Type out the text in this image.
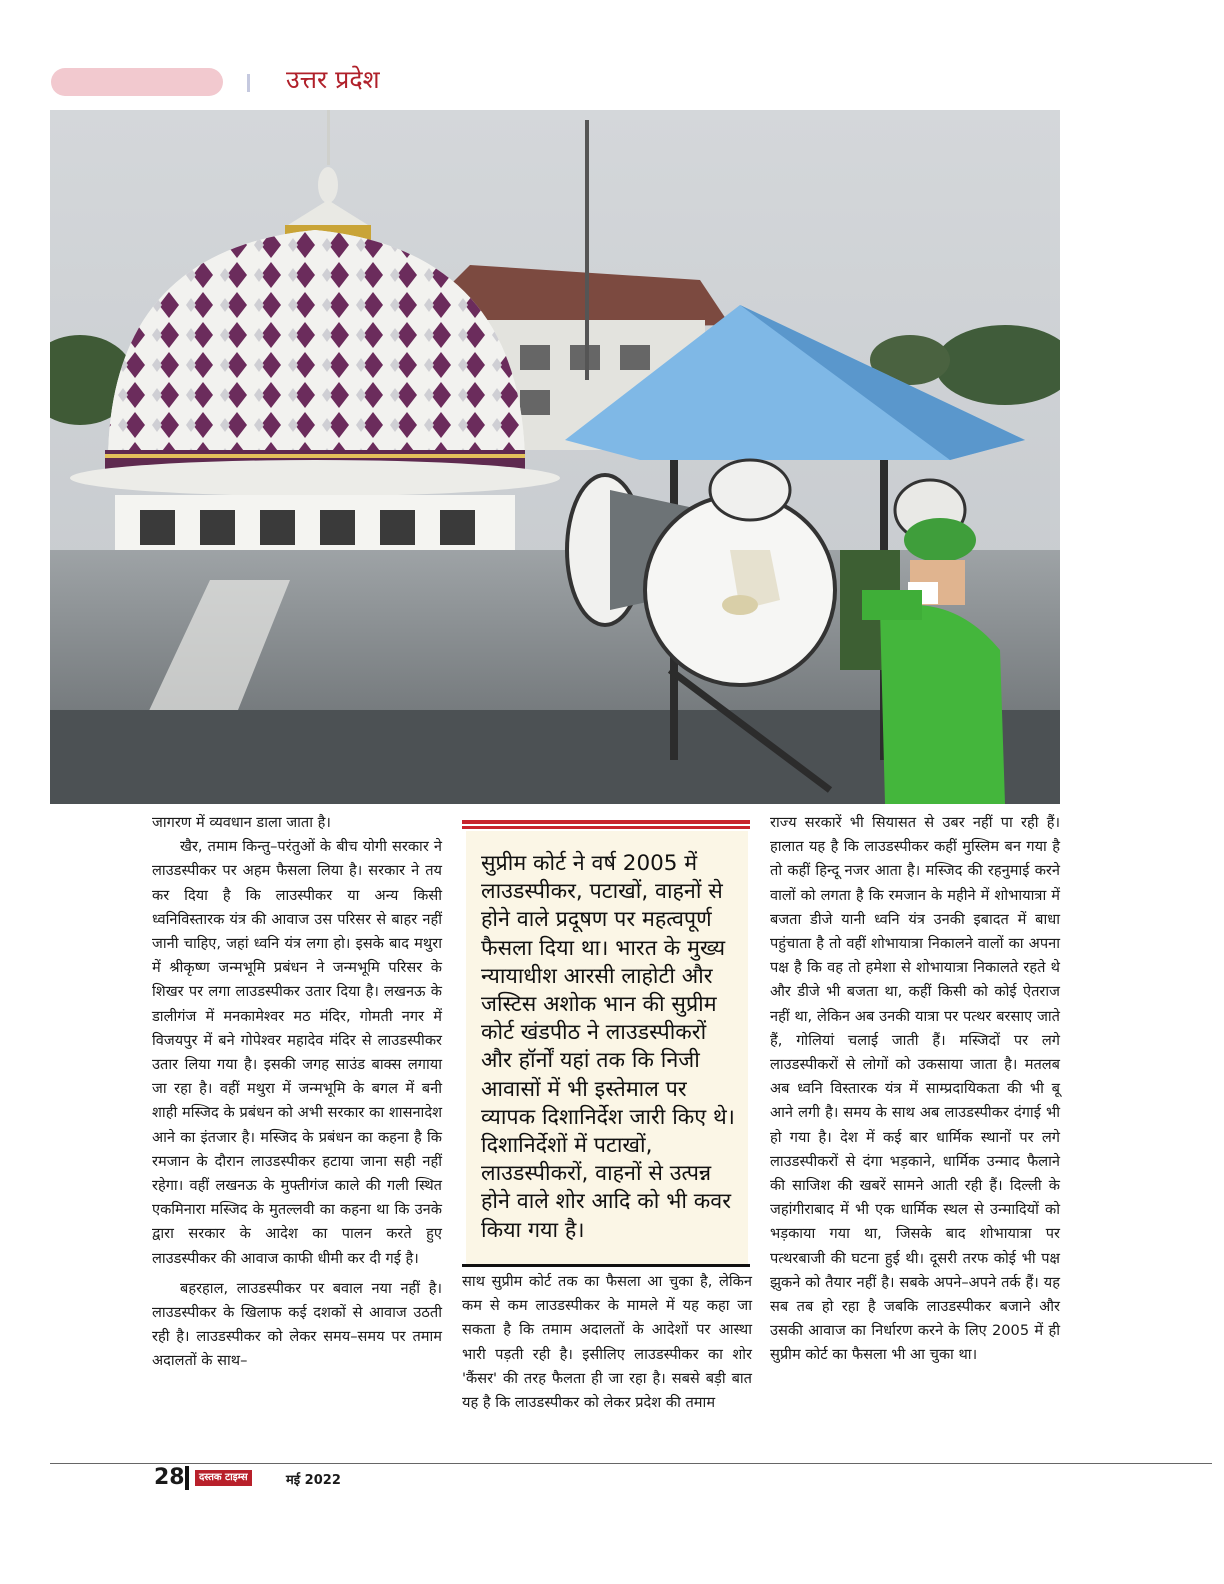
उत्तर प्रदेश

जागरण में व्यवधान डाला जाता है।

खैर, तमाम किन्तु–परंतुओं के बीच योगी सरकार ने लाउडस्पीकर पर अहम फैसला लिया है। सरकार ने तय कर दिया है कि लाउस्पीकर या अन्य किसी ध्वनिविस्तारक यंत्र की आवाज उस परिसर से बाहर नहीं जानी चाहिए, जहां ध्वनि यंत्र लगा हो। इसके बाद मथुरा में श्रीकृष्ण जन्मभूमि प्रबंधन ने जन्मभूमि परिसर के शिखर पर लगा लाउडस्पीकर उतार दिया है। लखनऊ के डालीगंज में मनकामेश्वर मठ मंदिर, गोमती नगर में विजयपुर में बने गोपेश्वर महादेव मंदिर से लाउडस्पीकर उतार लिया गया है। इसकी जगह साउंड बाक्स लगाया जा रहा है। वहीं मथुरा में जन्मभूमि के बगल में बनी शाही मस्जिद के प्रबंधन को अभी सरकार का शासनादेश आने का इंतजार है। मस्जिद के प्रबंधन का कहना है कि रमजान के दौरान लाउडस्पीकर हटाया जाना सही नहीं रहेगा। वहीं लखनऊ के मुफ्तीगंज काले की गली स्थित एकमिनारा मस्जिद के मुतल्लवी का कहना था कि उनके द्वारा सरकार के आदेश का पालन करते हुए लाउडस्पीकर की आवाज काफी धीमी कर दी गई है।

बहरहाल, लाउडस्पीकर पर बवाल नया नहीं है। लाउडस्पीकर के खिलाफ कई दशकों से आवाज उठती रही है। लाउडस्पीकर को लेकर समय–समय पर तमाम अदालतों के साथ–

सुप्रीम कोर्ट ने वर्ष 2005 में लाउडस्पीकर, पटाखों, वाहनों से होने वाले प्रदूषण पर महत्वपूर्ण फैसला दिया था। भारत के मुख्य न्यायाधीश आरसी लाहोटी और जस्टिस अशोक भान की सुप्रीम कोर्ट खंडपीठ ने लाउडस्पीकरों और हॉर्नों यहां तक कि निजी आवासों में भी इस्तेमाल पर व्यापक दिशानिर्देश जारी किए थे। दिशानिर्देशों में पटाखों, लाउडस्पीकरों, वाहनों से उत्पन्न होने वाले शोर आदि को भी कवर किया गया है।

साथ सुप्रीम कोर्ट तक का फैसला आ चुका है, लेकिन कम से कम लाउडस्पीकर के मामले में यह कहा जा सकता है कि तमाम अदालतों के आदेशों पर आस्था भारी पड़ती रही है। इसीलिए लाउडस्पीकर का शोर 'कैंसर' की तरह फैलता ही जा रहा है। सबसे बड़ी बात यह है कि लाउडस्पीकर को लेकर प्रदेश की तमाम

राज्य सरकारें भी सियासत से उबर नहीं पा रही हैं। हालात यह है कि लाउडस्पीकर कहीं मुस्लिम बन गया है तो कहीं हिन्दू नजर आता है। मस्जिद की रहनुमाई करने वालों को लगता है कि रमजान के महीने में शोभायात्रा में बजता डीजे यानी ध्वनि यंत्र उनकी इबादत में बाधा पहुंचाता है तो वहीं शोभायात्रा निकालने वालों का अपना पक्ष है कि वह तो हमेशा से शोभायात्रा निकालते रहते थे और डीजे भी बजता था, कहीं किसी को कोई ऐतराज नहीं था, लेकिन अब उनकी यात्रा पर पत्थर बरसाए जाते हैं, गोलियां चलाई जाती हैं। मस्जिदों पर लगे लाउडस्पीकरों से लोगों को उकसाया जाता है। मतलब अब ध्वनि विस्तारक यंत्र में साम्प्रदायिकता की भी बू आने लगी है। समय के साथ अब लाउडस्पीकर दंगाई भी हो गया है। देश में कई बार धार्मिक स्थानों पर लगे लाउडस्पीकरों से दंगा भड़काने, धार्मिक उन्माद फैलाने की साजिश की खबरें सामने आती रही हैं। दिल्ली के जहांगीराबाद में भी एक धार्मिक स्थल से उन्मादियों को भड़काया गया था, जिसके बाद शोभायात्रा पर पत्थरबाजी की घटना हुई थी। दूसरी तरफ कोई भी पक्ष झुकने को तैयार नहीं है। सबके अपने–अपने तर्क हैं। यह सब तब हो रहा है जबकि लाउडस्पीकर बजाने और उसकी आवाज का निर्धारण करने के लिए 2005 में ही सुप्रीम कोर्ट का फैसला भी आ चुका था।

28	दस्तक टाइम्स	मई 2022
